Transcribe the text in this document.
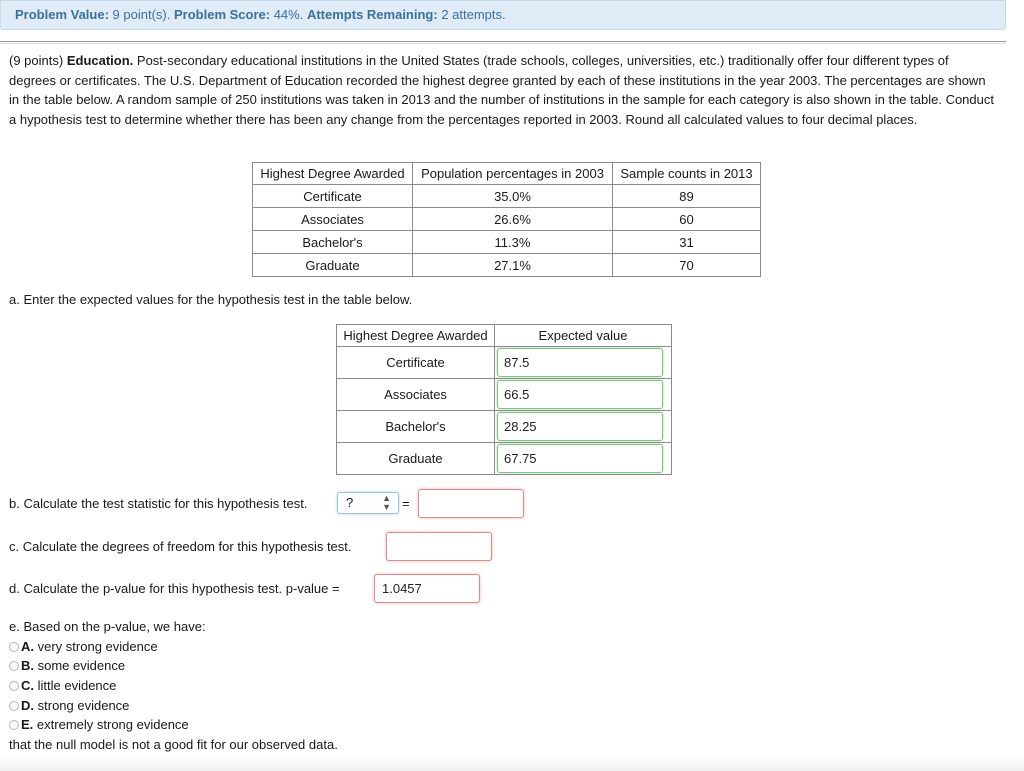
Problem Value: 9 point(s). Problem Score: 44%. Attempts Remaining: 2 attempts.
(9 points) Education. Post-secondary educational institutions in the United States (trade schools, colleges, universities, etc.) traditionally offer four different types of degrees or certificates. The U.S. Department of Education recorded the highest degree granted by each of these institutions in the year 2003. The percentages are shown in the table below. A random sample of 250 institutions was taken in 2013 and the number of institutions in the sample for each category is also shown in the table. Conduct a hypothesis test to determine whether there has been any change from the percentages reported in 2003. Round all calculated values to four decimal places.
Highest Degree Awarded	Population percentages in 2003	Sample counts in 2013
Certificate	35.0%	89
Associates	26.6%	60
Bachelor's	11.3%	31
Graduate	27.1%	70
a. Enter the expected values for the hypothesis test in the table below.
Highest Degree Awarded	Expected value
Certificate	87.5

Associates	66.5

Bachelor's	28.25

Graduate	67.75
b. Calculate the test statistic for this hypothesis test.	?	▲
▼ =
c. Calculate the degrees of freedom for this hypothesis test.
d. Calculate the p-value for this hypothesis test. p-value =	1.0457
e. Based on the p-value, we have:
A. very strong evidence
B. some evidence
C. little evidence
D. strong evidence
E. extremely strong evidence
that the null model is not a good fit for our observed data.
